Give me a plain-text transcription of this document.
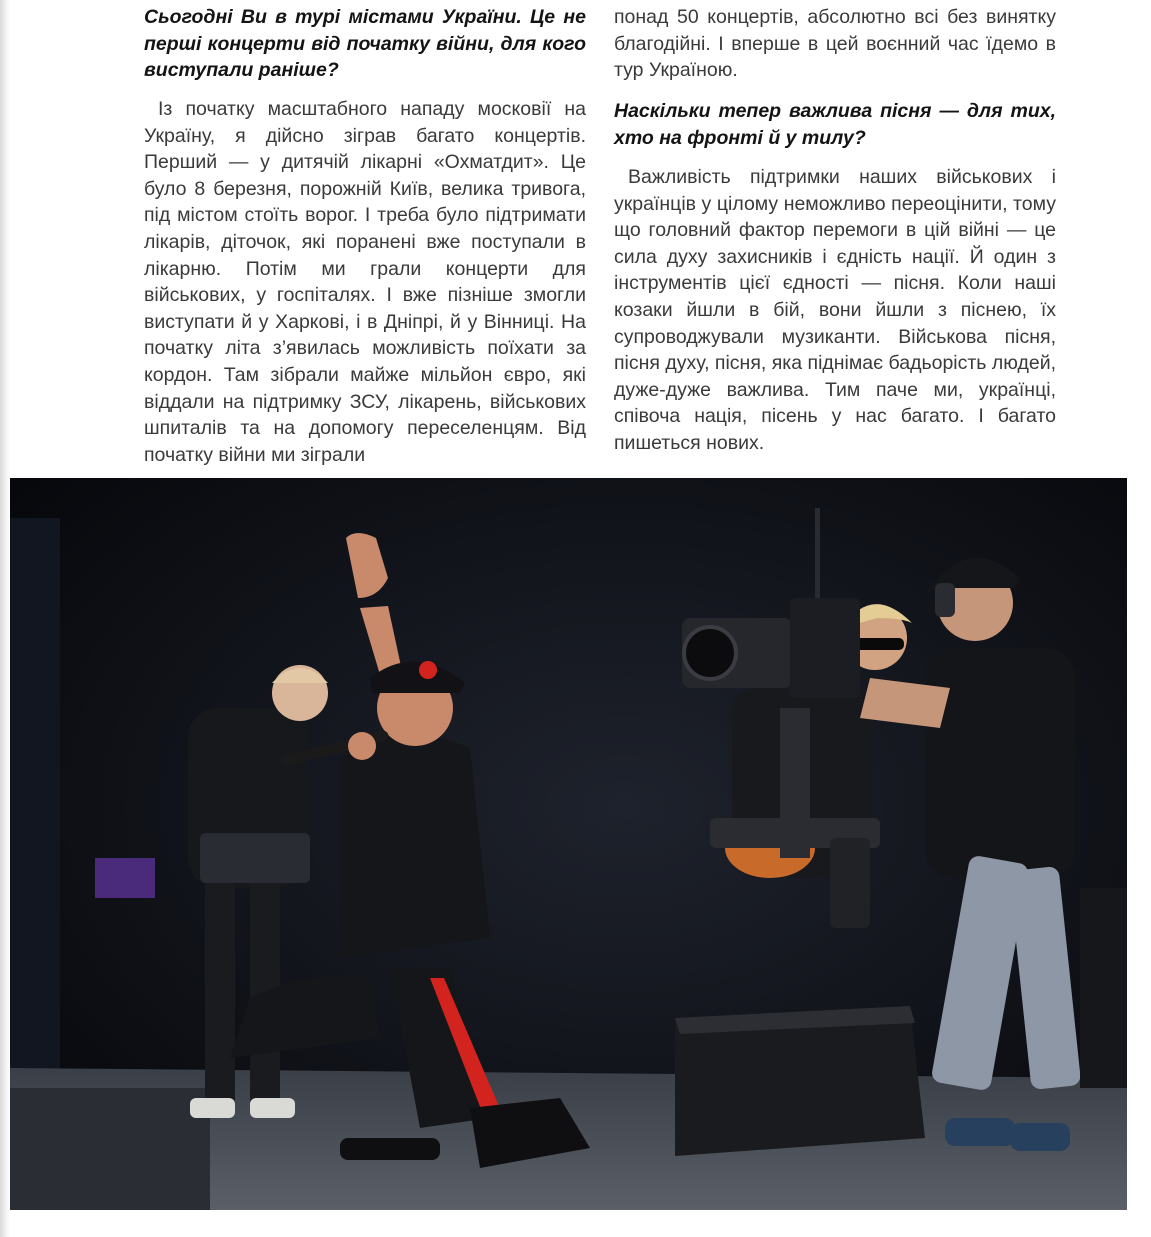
Сьогодні Ви в турі містами України. Це не перші концерти від початку війни, для кого виступали раніше?

Із початку масштабного нападу московії на Україну, я дійсно зіграв багато концертів. Перший — у дитячій лікарні «Охматдит». Це було 8 березня, порожній Київ, велика тривога, під містом стоїть ворог. І треба було підтримати лікарів, діточок, які поранені вже поступали в лікарню. Потім ми грали концерти для військових, у госпіталях. І вже пізніше змогли виступати й у Харкові, і в Дніпрі, й у Вінниці. На початку літа з’явилась можливість поїхати за кордон. Там зібрали майже мільйон євро, які віддали на підтримку ЗСУ, лікарень, військових шпиталів та на допомогу переселенцям. Від початку війни ми зіграли

понад 50 концертів, абсолютно всі без винятку благодійні. І вперше в цей воєнний час їдемо в тур Україною.

Наскільки тепер важлива пісня — для тих, хто на фронті й у тилу?

Важливість підтримки наших військових і українців у цілому неможливо переоцінити, тому що головний фактор перемоги в цій війні — це сила духу захисників і єдність нації. Й один з інструментів цієї єдності — пісня. Коли наші козаки йшли в бій, вони йшли з піснею, їх супроводжували музиканти. Військова пісня, пісня духу, пісня, яка піднімає бадьорість людей, дуже-дуже важлива. Тим паче ми, українці, співоча нація, пісень у нас багато. І багато пишеться нових.
